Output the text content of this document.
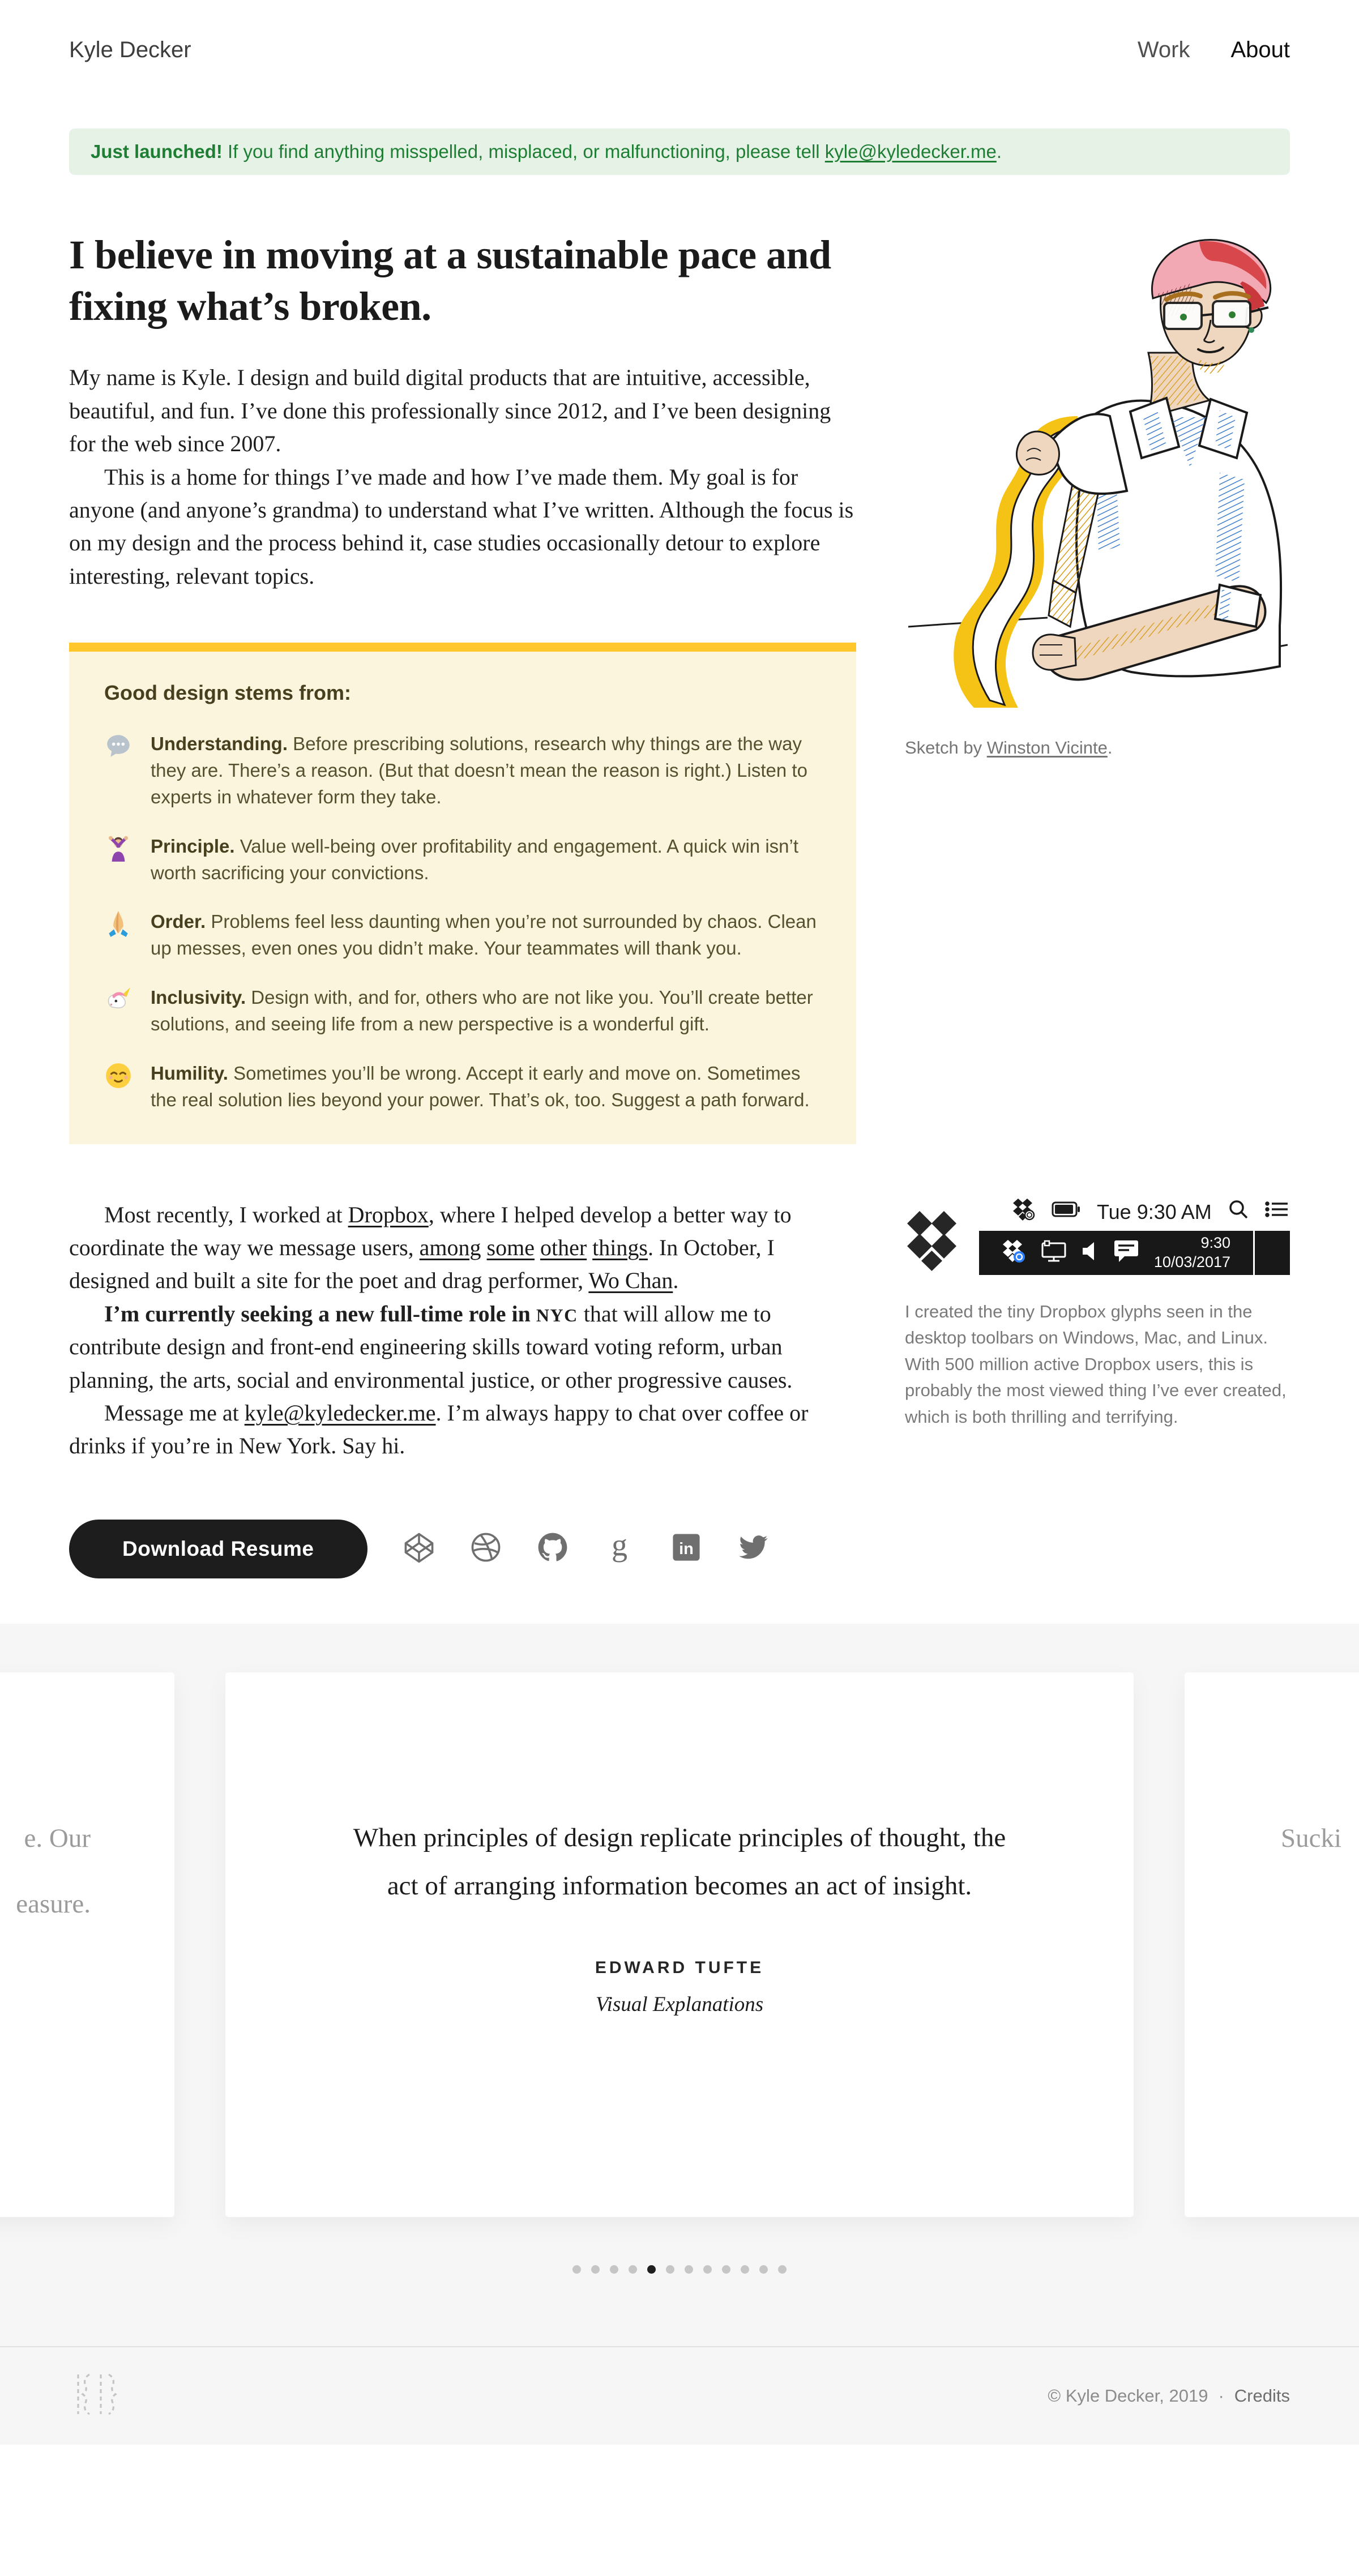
Kyle Decker	Work About
Just launched! If you find anything misspelled, misplaced, or malfunctioning, please tell kyle@kyledecker.me.
I believe in moving at a sustainable pace and fixing what’s broken.

My name is Kyle. I design and build digital products that are intuitive, accessible, beautiful, and fun. I’ve done this professionally since 2012, and I’ve been designing for the web since 2007.

This is a home for things I’ve made and how I’ve made them. My goal is for anyone (and anyone’s grandma) to understand what I’ve written. Although the focus is on my design and the process behind it, case studies occasionally detour to explore interesting, relevant topics.

Good design stems from:
Understanding. Before prescribing solutions, research why things are the way they are. There’s a reason. (But that doesn’t mean the reason is right.) Listen to experts in whatever form they take.
Principle. Value well-being over profitability and engagement. A quick win isn’t worth sacrificing your convictions.
Order. Problems feel less daunting when you’re not surrounded by chaos. Clean up messes, even ones you didn’t make. Your teammates will thank you.
Inclusivity. Design with, and for, others who are not like you. You’ll create better solutions, and seeing life from a new perspective is a wonderful gift.
Humility. Sometimes you’ll be wrong. Accept it early and move on. Sometimes the real solution lies beyond your power. That’s ok, too. Suggest a path forward.

Sketch by Winston Vicinte.

Most recently, I worked at Dropbox, where I helped develop a better way to coordinate the way we message users, among some other things. In October, I designed and built a site for the poet and drag performer, Wo Chan.

I’m currently seeking a new full-time role in NYC that will allow me to contribute design and front-end engineering skills toward voting reform, urban planning, the arts, social and environmental justice, or other progressive causes.

Message me at kyle@kyledecker.me. I’m always happy to chat over coffee or drinks if you’re in New York. Say hi.

Tue 9:30 AM
9:30
10/03/2017

I created the tiny Dropbox glyphs seen in the desktop toolbars on Windows, Mac, and Linux. With 500 million active Dropbox users, this is probably the most viewed thing I’ve ever created, which is both thrilling and terrifying.

Download Resume	g	in
e. Our
easure.
When principles of design replicate principles of thought, the act of arranging information becomes an act of insight.
EDWARD TUFTE
Visual Explanations
Sucki
© Kyle Decker, 2019 · Credits
